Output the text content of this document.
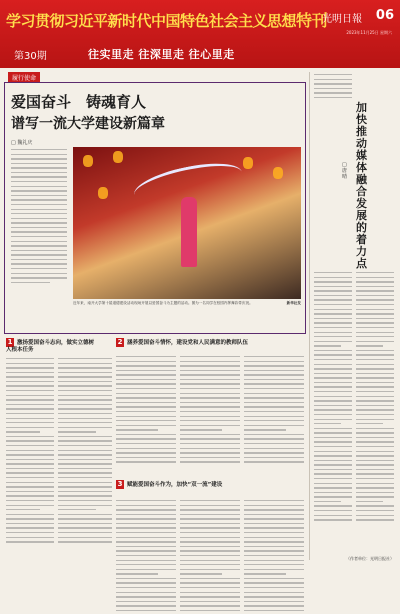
学习贯彻习近平新时代中国特色社会主义思想特刊
光明日報 06
2023年11月25日 星期六
第30期	往实里走 往深里走 往心里走
履行使命
爱国奋斗　铸魂育人
谱写一流大学建设新篇章
□ 魏礼庆
近年来，南开大学第十届道德建设活动现场开展以爱国奋斗为主题的活动。图为一名同学在校园内挥舞彩带庆祝。	新华社发
1 激扬爱国奋斗志向，做实立德树人根本任务
2 涵养爱国奋斗情怀，建设党和人民满意的教师队伍
3 赋能爱国奋斗作为，加快“双一流”建设
加快推动媒体融合发展的着力点
□ 唐 晴
（作者单位：光明日报社）
